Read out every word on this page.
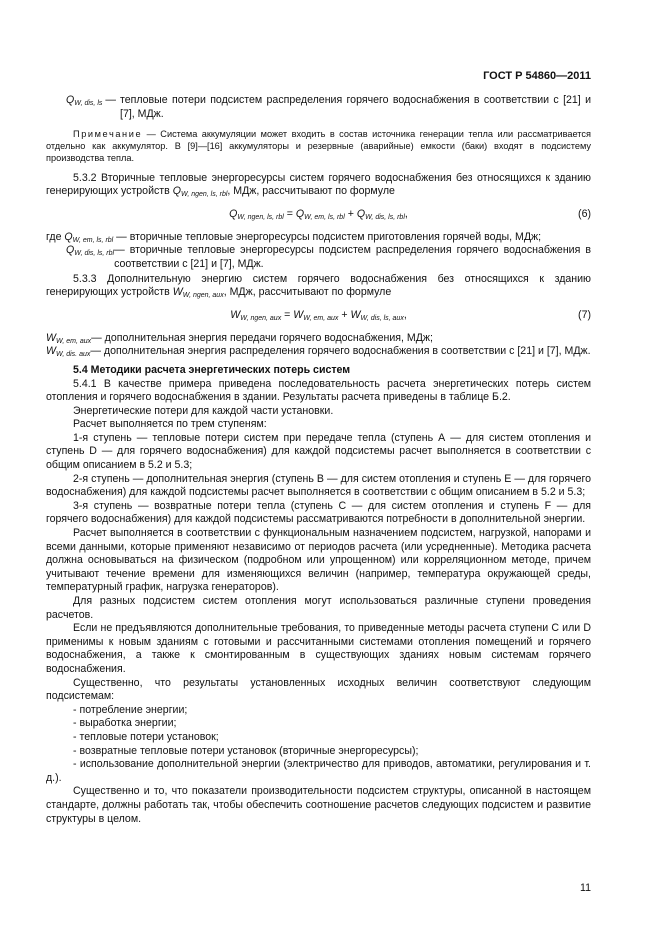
ГОСТ Р 54860—2011
$Q_{W, dis, ls}$ — тепловые потери подсистем распределения горячего водоснабжения в соответствии с [21] и [7], МДж.

Примечание — Система аккумуляции может входить в состав источника генерации тепла или рассматривается отдельно как аккумулятор. В [9]—[16] аккумуляторы и резервные (аварийные) емкости (баки) входят в подсистему производства тепла.

5.3.2 Вторичные тепловые энергоресурсы систем горячего водоснабжения без относящихся к зданию генерирующих устройств $Q_{W, ngen, ls, rbl}$, МДж, рассчитывают по формуле

$Q_{W, ngen, ls, rbl} = Q_{W, em, ls, rbl} + Q_{W, dis, ls, rbl}$,	(6)

где $Q_{W, em, ls, rbl}$ — вторичные тепловые энергоресурсы подсистем приготовления горячей воды, МДж;

$Q_{W, dis, ls, rbl}$ — вторичные тепловые энергоресурсы подсистем распределения горячего водоснабжения в соответствии с [21] и [7], МДж.

5.3.3 Дополнительную энергию систем горячего водоснабжения без относящихся к зданию генерирующих устройств $W_{W, ngen, aux}$, МДж, рассчитывают по формуле

$W_{W, ngen, aux} = W_{W, em, aux} + W_{W, dis, ls, aux}$,	(7)
$W_{W, em, aux}$ — дополнительная энергия передачи горячего водоснабжения, МДж;
$W_{W, dis. aux}$ — дополнительная энергия распределения горячего водоснабжения в соответствии с [21] и [7], МДж.

5.4 Методики расчета энергетических потерь систем

5.4.1 В качестве примера приведена последовательность расчета энергетических потерь систем отопления и горячего водоснабжения в здании. Результаты расчета приведены в таблице Б.2.

Энергетические потери для каждой части установки.

Расчет выполняется по трем ступеням:

1-я ступень — тепловые потери систем при передаче тепла (ступень А — для систем отопления и ступень D — для горячего водоснабжения) для каждой подсистемы расчет выполняется в соответствии с общим описанием в 5.2 и 5.3;

2-я ступень — дополнительная энергия (ступень В — для систем отопления и ступень Е — для горячего водоснабжения) для каждой подсистемы расчет выполняется в соответствии с общим описанием в 5.2 и 5.3;

3-я ступень — возвратные потери тепла (ступень С — для систем отопления и ступень F — для горячего водоснабжения) для каждой подсистемы рассматриваются потребности в дополнительной энергии.

Расчет выполняется в соответствии с функциональным назначением подсистем, нагрузкой, напорами и всеми данными, которые применяют независимо от периодов расчета (или усредненные). Методика расчета должна основываться на физическом (подробном или упрощенном) или корреляционном методе, причем учитывают течение времени для изменяющихся величин (например, температура окружающей среды, температурный график, нагрузка генераторов).

Для разных подсистем систем отопления могут использоваться различные ступени проведения расчетов.

Если не предъявляются дополнительные требования, то приведенные методы расчета ступени С или D применимы к новым зданиям с готовыми и рассчитанными системами отопления помещений и горячего водоснабжения, а также к смонтированным в существующих зданиях новым системам горячего водоснабжения.

Существенно, что результаты установленных исходных величин соответствуют следующим подсистемам:

- потребление энергии;

- выработка энергии;

- тепловые потери установок;

- возвратные тепловые потери установок (вторичные энергоресурсы);

- использование дополнительной энергии (электричество для приводов, автоматики, регулирования и т. д.).

Существенно и то, что показатели производительности подсистем структуры, описанной в настоящем стандарте, должны работать так, чтобы обеспечить соотношение расчетов следующих подсистем и развитие структуры в целом.

11
